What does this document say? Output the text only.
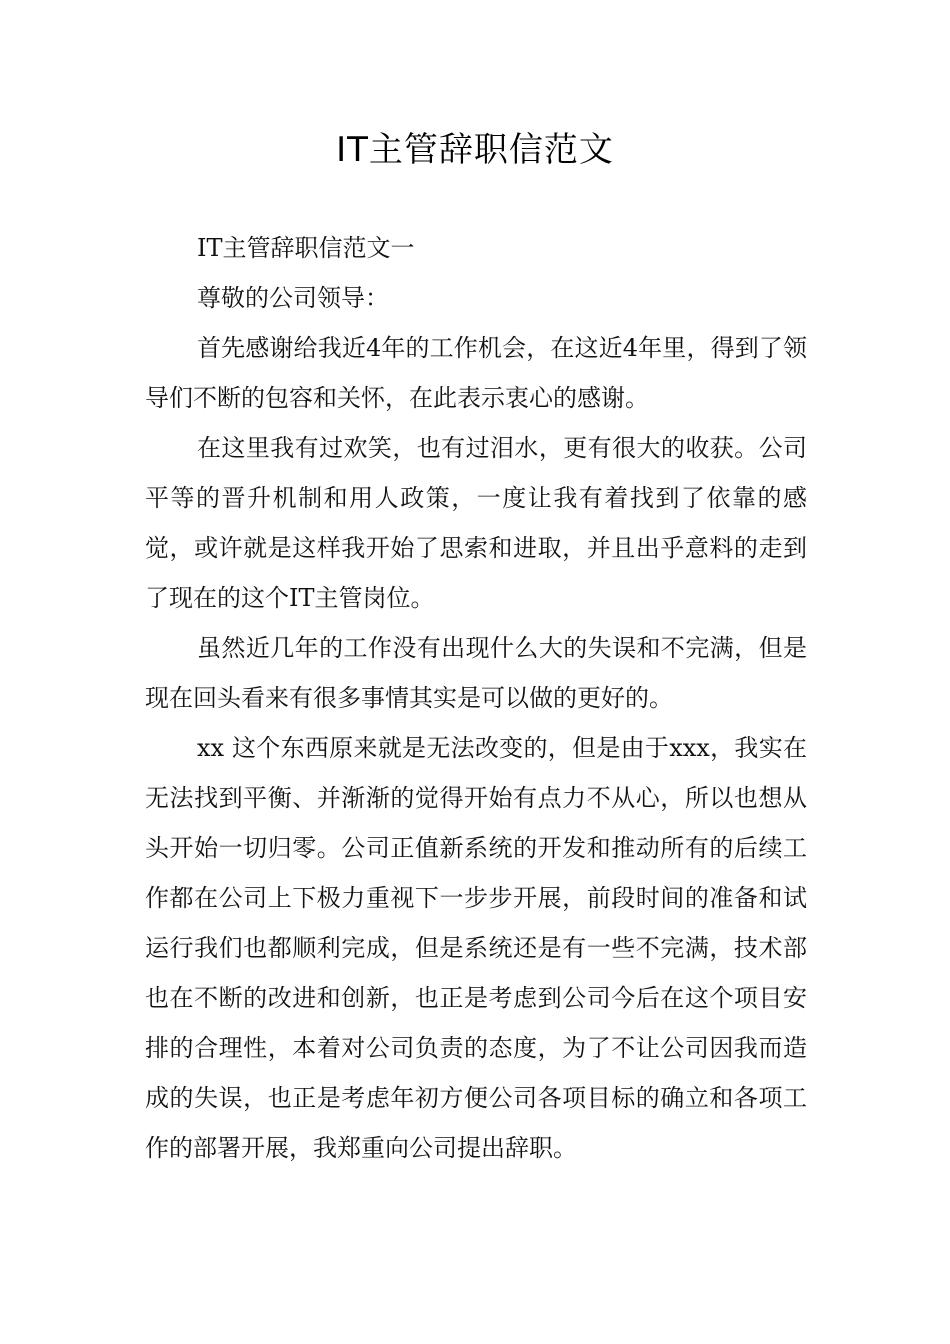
IT主管辞职信范文

IT主管辞职信范文一

尊敬的公司领导：

首先感谢给我近4年的工作机会，在这近4年里，得到了领导们不断的包容和关怀，在此表示衷心的感谢。

在这里我有过欢笑，也有过泪水，更有很大的收获。公司平等的晋升机制和用人政策，一度让我有着找到了依靠的感觉，或许就是这样我开始了思索和进取，并且出乎意料的走到了现在的这个IT主管岗位。

虽然近几年的工作没有出现什么大的失误和不完满，但是现在回头看来有很多事情其实是可以做的更好的。

xx 这个东西原来就是无法改变的，但是由于xxx，我实在无法找到平衡、并渐渐的觉得开始有点力不从心，所以也想从头开始一切归零。公司正值新系统的开发和推动所有的后续工作都在公司上下极力重视下一步步开展，前段时间的准备和试运行我们也都顺利完成，但是系统还是有一些不完满，技术部也在不断的改进和创新，也正是考虑到公司今后在这个项目安排的合理性，本着对公司负责的态度，为了不让公司因我而造成的失误，也正是考虑年初方便公司各项目标的确立和各项工作的部署开展，我郑重向公司提出辞职。
